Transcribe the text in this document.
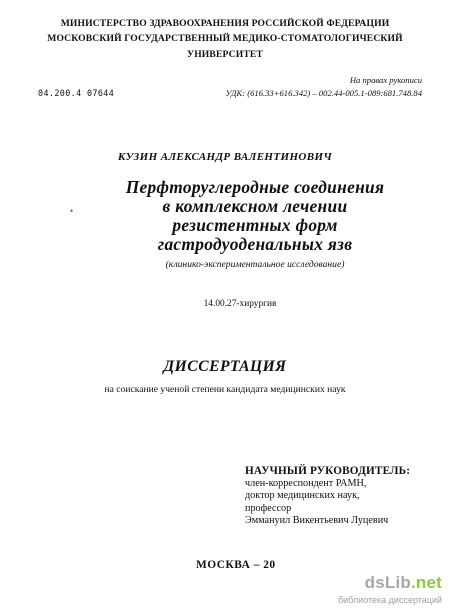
МИНИСТЕРСТВО ЗДРАВООХРАНЕНИЯ РОССИЙСКОЙ ФЕДЕРАЦИИ
МОСКОВСКИЙ ГОСУДАРСТВЕННЫЙ МЕДИКО-СТОМАТОЛОГИЧЕСКИЙ
УНИВЕРСИТЕТ
На правах рукописи
04.200.4 07644	УДК: (616.33+616.342) – 002.44-005.1-089:681.748.84
КУЗИН АЛЕКСАНДР ВАЛЕНТИНОВИЧ
•
Перфторуглеродные соединения
в комплексном лечении
резистентных форм
гастродуоденальных язв
(клинико-экспериментальное исследование)
14.00.27-хирургия
ДИССЕРТАЦИЯ
на соискание ученой степени кандидата медицинских наук
НАУЧНЫЙ РУКОВОДИТЕЛЬ:
член-корреспондент РАМН,
доктор медицинских наук,
профессор
Эммануил Викентьевич Луцевич
МОСКВА – 20
dsLib.net
библиотека диссертаций
